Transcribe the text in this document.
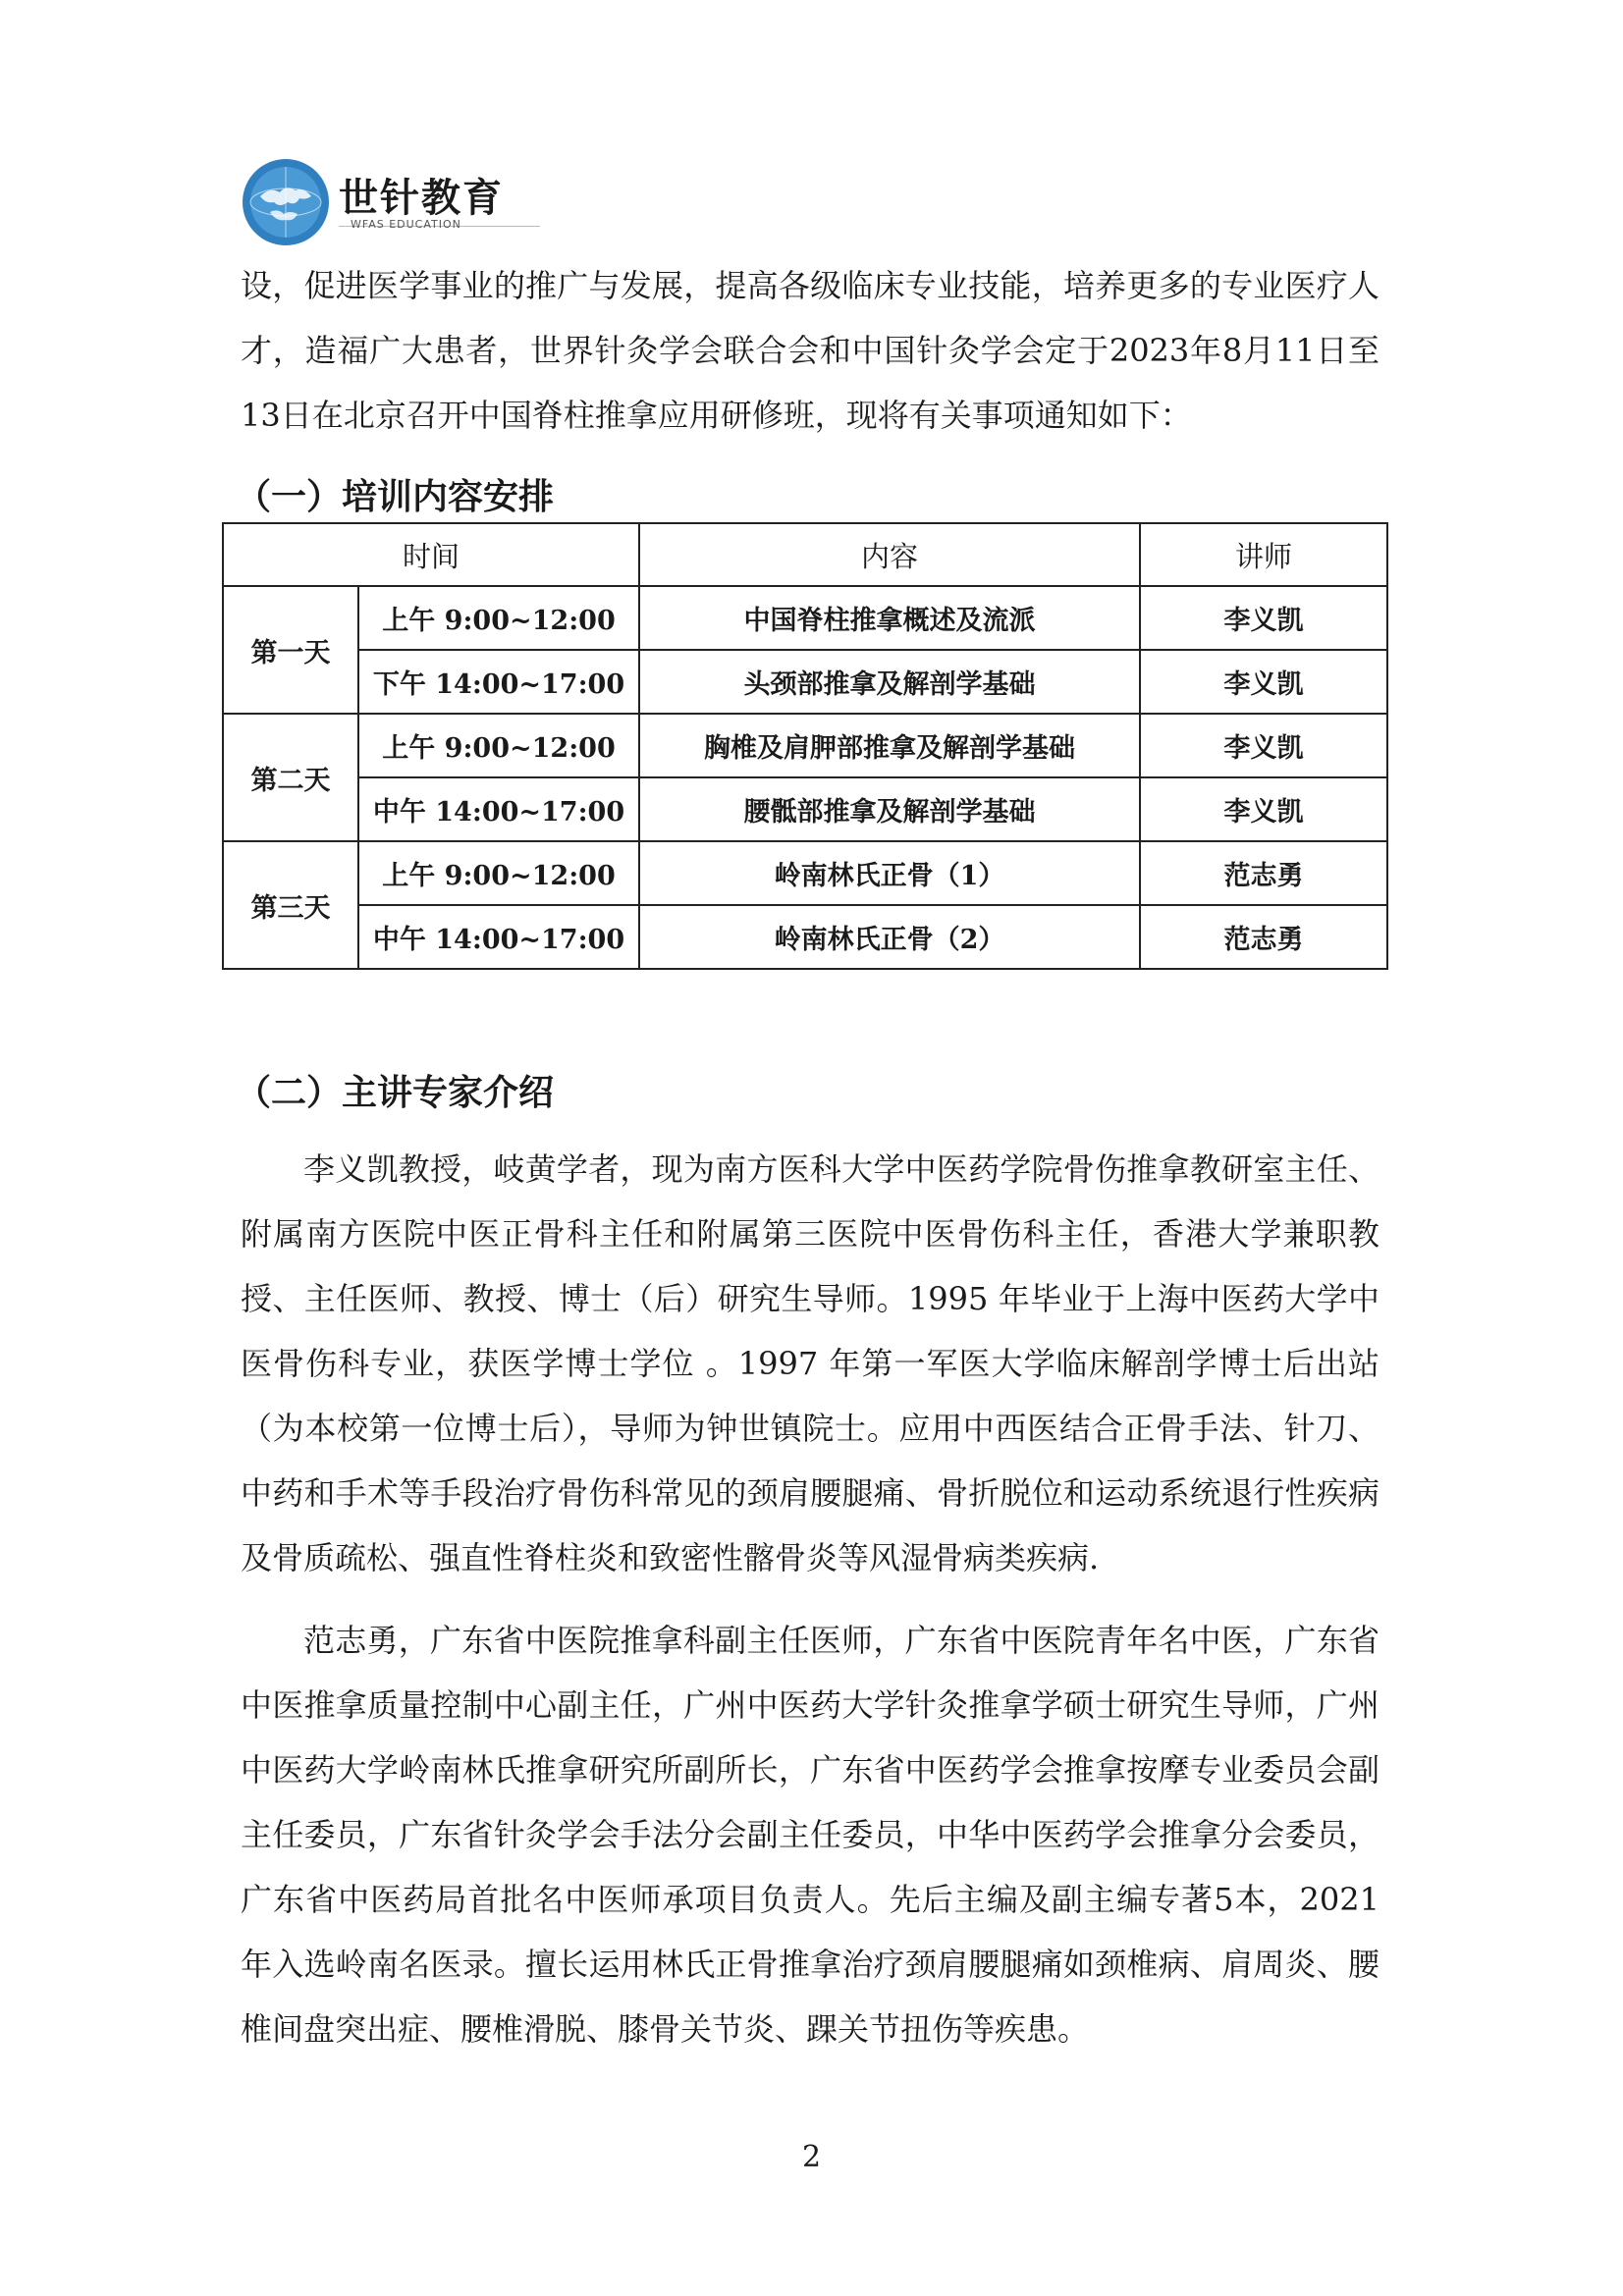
世针教育
WFAS EDUCATION

设，促进医学事业的推广与发展，提高各级临床专业技能，培养更多的专业医疗人才，造福广大患者，世界针灸学会联合会和中国针灸学会定于2023年8月11日至13日在北京召开中国脊柱推拿应用研修班，现将有关事项通知如下：

（一）培训内容安排
时间		内容	讲师
第一天	上午 9:00~12:00	中国脊柱推拿概述及流派	李义凯
	下午 14:00~17:00	头颈部推拿及解剖学基础	李义凯
第二天	上午 9:00~12:00	胸椎及肩胛部推拿及解剖学基础	李义凯
	中午 14:00~17:00	腰骶部推拿及解剖学基础	李义凯
第三天	上午 9:00~12:00	岭南林氏正骨（1）	范志勇
	中午 14:00~17:00	岭南林氏正骨（2）	范志勇
（二）主讲专家介绍

李义凯教授，岐黄学者，现为南方医科大学中医药学院骨伤推拿教研室主任、附属南方医院中医正骨科主任和附属第三医院中医骨伤科主任，香港大学兼职教授、主任医师、教授、博士（后）研究生导师。1995 年毕业于上海中医药大学中医骨伤科专业，获医学博士学位 。1997 年第一军医大学临床解剖学博士后出站（为本校第一位博士后），导师为钟世镇院士。应用中西医结合正骨手法、针刀、中药和手术等手段治疗骨伤科常见的颈肩腰腿痛、骨折脱位和运动系统退行性疾病及骨质疏松、强直性脊柱炎和致密性髂骨炎等风湿骨病类疾病.

范志勇，广东省中医院推拿科副主任医师，广东省中医院青年名中医，广东省中医推拿质量控制中心副主任，广州中医药大学针灸推拿学硕士研究生导师，广州中医药大学岭南林氏推拿研究所副所长，广东省中医药学会推拿按摩专业委员会副主任委员，广东省针灸学会手法分会副主任委员，中华中医药学会推拿分会委员，广东省中医药局首批名中医师承项目负责人。先后主编及副主编专著5本，2021 年入选岭南名医录。擅长运用林氏正骨推拿治疗颈肩腰腿痛如颈椎病、肩周炎、腰椎间盘突出症、腰椎滑脱、膝骨关节炎、踝关节扭伤等疾患。

2
